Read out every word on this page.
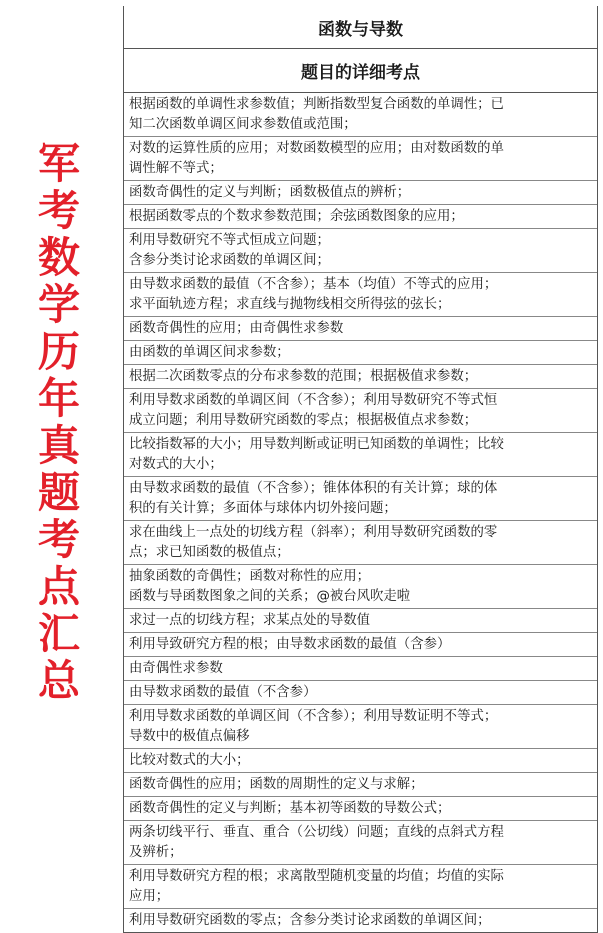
军
考
数
学
历
年
真
题
考
点
汇
总
函数与导数
题目的详细考点
根据函数的单调性求参数值；判断指数型复合函数的单调性；已
知二次函数单调区间求参数值或范围；
对数的运算性质的应用；对数函数模型的应用；由对数函数的单
调性解不等式；
函数奇偶性的定义与判断；函数极值点的辨析；
根据函数零点的个数求参数范围；余弦函数图象的应用；
利用导数研究不等式恒成立问题；
含参分类讨论求函数的单调区间；
由导数求函数的最值（不含参）；基本（均值）不等式的应用；
求平面轨迹方程；求直线与抛物线相交所得弦的弦长；
函数奇偶性的应用；由奇偶性求参数
由函数的单调区间求参数；
根据二次函数零点的分布求参数的范围；根据极值求参数；
利用导数求函数的单调区间（不含参）；利用导数研究不等式恒
成立问题；利用导数研究函数的零点；根据极值点求参数；
比较指数幂的大小；用导数判断或证明已知函数的单调性；比较
对数式的大小；
由导数求函数的最值（不含参）；锥体体积的有关计算；球的体
积的有关计算；多面体与球体内切外接问题；
求在曲线上一点处的切线方程（斜率）；利用导数研究函数的零
点；求已知函数的极值点；
抽象函数的奇偶性；函数对称性的应用；
函数与导函数图象之间的关系；@被台风吹走啦
求过一点的切线方程；求某点处的导数值
利用导致研究方程的根；由导数求函数的最值（含参）
由奇偶性求参数
由导数求函数的最值（不含参）
利用导数求函数的单调区间（不含参）；利用导数证明不等式；
导数中的极值点偏移
比较对数式的大小；
函数奇偶性的应用；函数的周期性的定义与求解；
函数奇偶性的定义与判断；基本初等函数的导数公式；
两条切线平行、垂直、重合（公切线）问题；直线的点斜式方程
及辨析；
利用导数研究方程的根；求离散型随机变量的均值；均值的实际
应用；
利用导数研究函数的零点；含参分类讨论求函数的单调区间；
